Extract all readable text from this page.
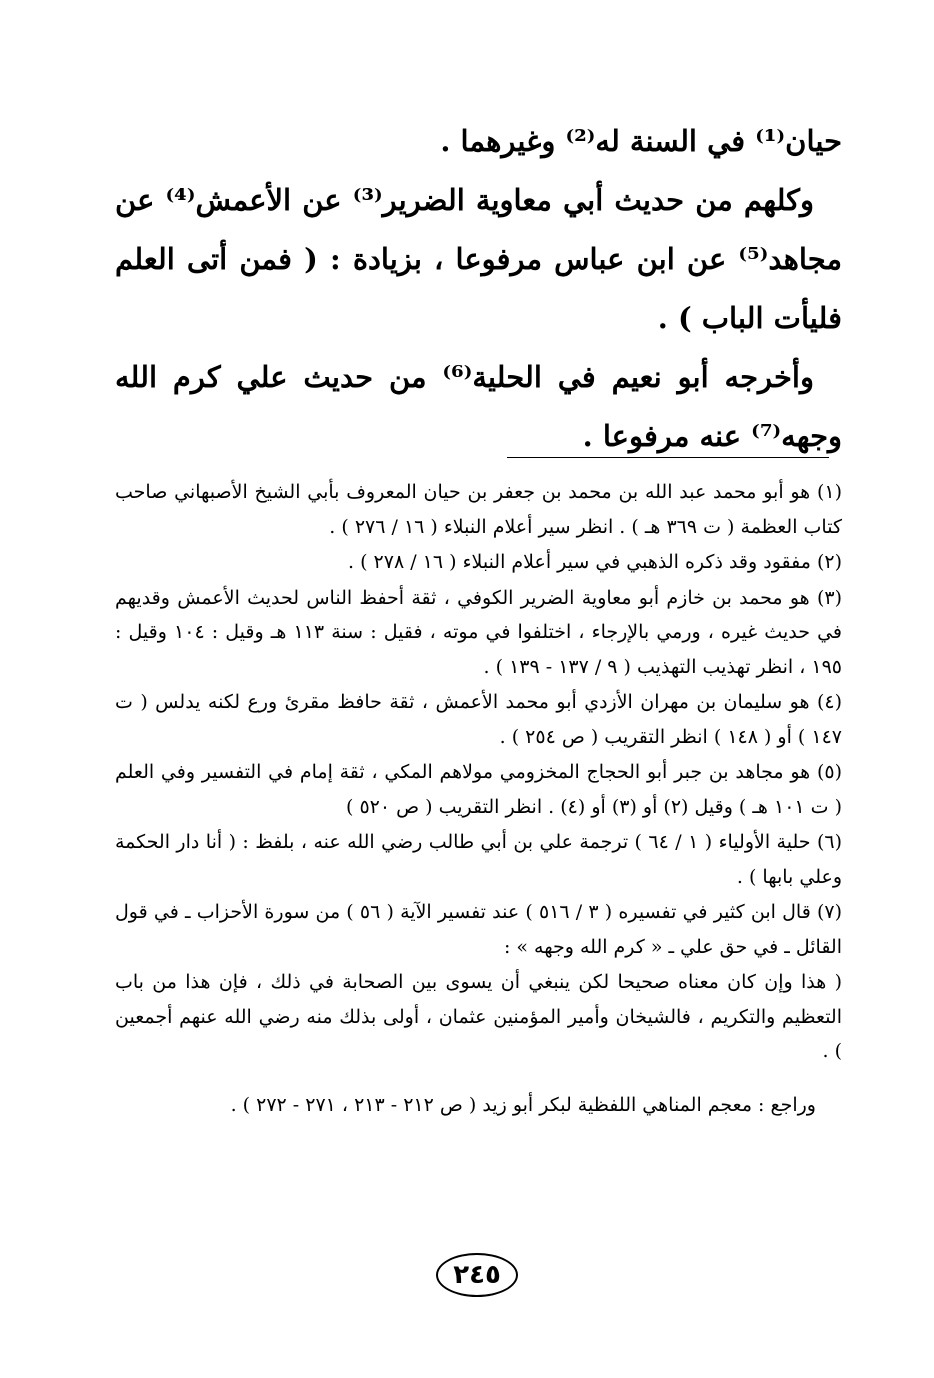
حيان⁽¹⁾ في السنة له⁽²⁾ وغيرهما .

وكلهم من حديث أبي معاوية الضرير⁽³⁾ عن الأعمش⁽⁴⁾ عن مجاهد⁽⁵⁾ عن ابن عباس مرفوعا ، بزيادة : ( فمن أتى العلم فليأت الباب ) .

وأخرجه أبو نعيم في الحلية⁽⁶⁾ من حديث علي كرم الله وجهه⁽⁷⁾ عنه مرفوعا .

(١) هو أبو محمد عبد الله بن محمد بن جعفر بن حيان المعروف بأبي الشيخ الأصبهاني صاحب كتاب العظمة ( ت ٣٦٩ هـ ) . انظر سير أعلام النبلاء ( ١٦ / ٢٧٦ ) .

(٢) مفقود وقد ذكره الذهبي في سير أعلام النبلاء ( ١٦ / ٢٧٨ ) .

(٣) هو محمد بن خازم أبو معاوية الضرير الكوفي ، ثقة أحفظ الناس لحديث الأعمش وقديهم في حديث غيره ، ورمي بالإرجاء ، اختلفوا في موته ، فقيل : سنة ١١٣ هـ وقيل : ١٠٤ وقيل : ١٩٥ ، انظر تهذيب التهذيب ( ٩ / ١٣٧ - ١٣٩ ) .

(٤) هو سليمان بن مهران الأزدي أبو محمد الأعمش ، ثقة حافظ مقرئ ورع لكنه يدلس ( ت ١٤٧ ) أو ( ١٤٨ ) انظر التقريب ( ص ٢٥٤ ) .

(٥) هو مجاهد بن جبر أبو الحجاج المخزومي مولاهم المكي ، ثقة إمام في التفسير وفي العلم ( ت ١٠١ هـ ) وقيل (٢) أو (٣) أو (٤) . انظر التقريب ( ص ٥٢٠ )

(٦) حلية الأولياء ( ١ / ٦٤ ) ترجمة علي بن أبي طالب رضي الله عنه ، بلفظ : ( أنا دار الحكمة وعلي بابها ) .

(٧) قال ابن كثير في تفسيره ( ٣ / ٥١٦ ) عند تفسير الآية ( ٥٦ ) من سورة الأحزاب ـ في قول القائل ـ في حق علي ـ « كرم الله وجهه » :

( هذا وإن كان معناه صحيحا لكن ينبغي أن يسوى بين الصحابة في ذلك ، فإن هذا من باب التعظيم والتكريم ، فالشيخان وأمير المؤمنين عثمان ، أولى بذلك منه رضي الله عنهم أجمعين ) .

وراجع : معجم المناهي اللفظية لبكر أبو زيد ( ص ٢١٢ - ٢١٣ ، ٢٧١ - ٢٧٢ ) .

٢٤٥
